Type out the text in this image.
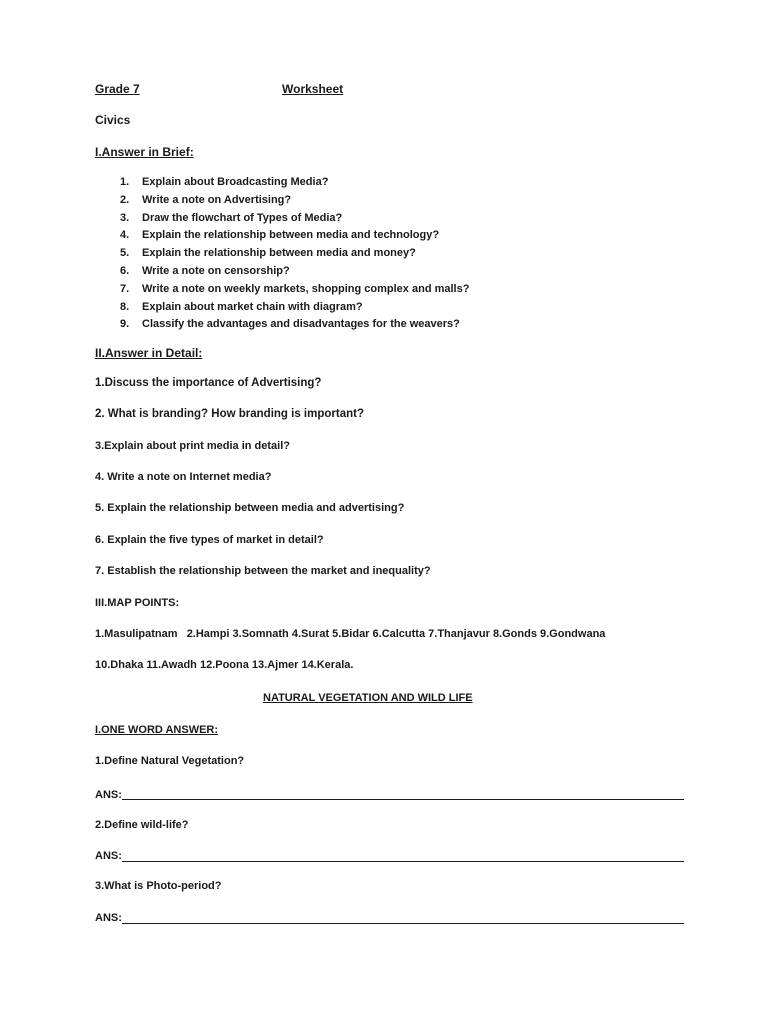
Grade 7	Worksheet
Civics
I.Answer in Brief:
1. Explain about Broadcasting Media?
2. Write a note on Advertising?
3. Draw the flowchart of Types of Media?
4. Explain the relationship between media and technology?
5. Explain the relationship between media and money?
6. Write a note on censorship?
7. Write a note on weekly markets, shopping complex and malls?
8. Explain about market chain with diagram?
9. Classify the advantages and disadvantages for the weavers?
II.Answer in Detail:
1.Discuss the importance of Advertising?
2. What is branding? How branding is important?
3.Explain about print media in detail?
4. Write a note on Internet media?
5. Explain the relationship between media and advertising?
6. Explain the five types of market in detail?
7. Establish the relationship between the market and inequality?
III.MAP POINTS:
1.Masulipatnam   2.Hampi 3.Somnath 4.Surat 5.Bidar 6.Calcutta 7.Thanjavur 8.Gonds 9.Gondwana
10.Dhaka 11.Awadh 12.Poona 13.Ajmer 14.Kerala.
NATURAL VEGETATION AND WILD LIFE
I.ONE WORD ANSWER:
1.Define Natural Vegetation?
ANS:
2.Define wild-life?
ANS:
3.What is Photo-period?
ANS:
